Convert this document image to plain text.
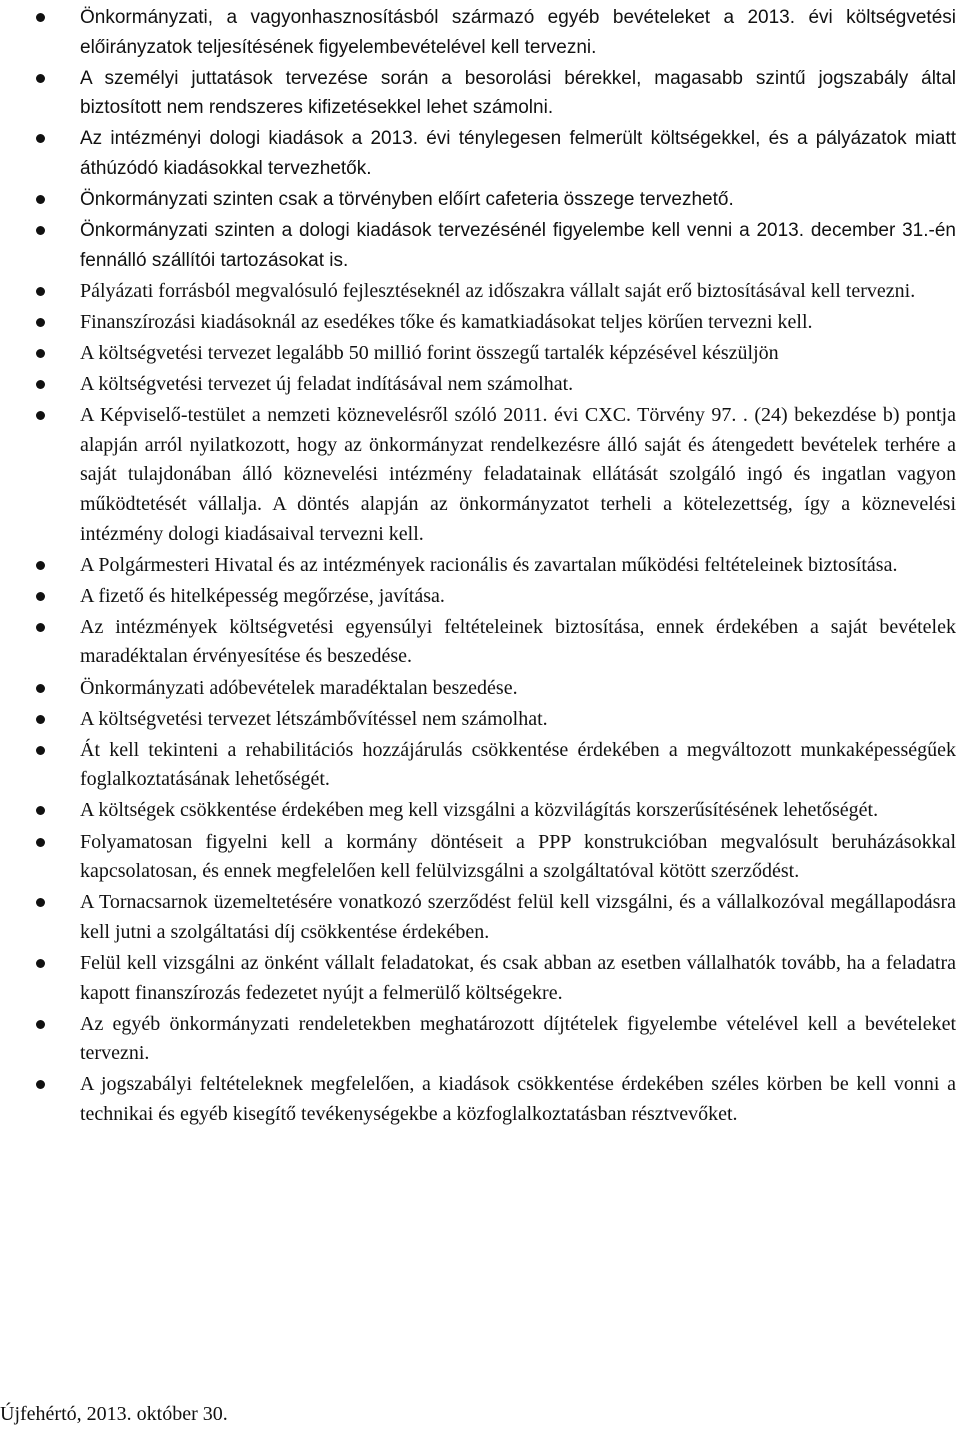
Önkormányzati, a vagyonhasznosításból származó egyéb bevételeket a 2013. évi költségvetési előirányzatok teljesítésének figyelembevételével kell tervezni.
A személyi juttatások tervezése során a besorolási bérekkel, magasabb szintű jogszabály által biztosított nem rendszeres kifizetésekkel lehet számolni.
Az intézményi dologi kiadások a 2013. évi ténylegesen felmerült költségekkel, és a pályázatok miatt áthúzódó kiadásokkal tervezhetők.
Önkormányzati szinten csak a törvényben előírt cafeteria összege tervezhető.
Önkormányzati szinten a dologi kiadások tervezésénél figyelembe kell venni a 2013. december 31.-én fennálló szállítói tartozásokat is.
Pályázati forrásból megvalósuló fejlesztéseknél az időszakra vállalt saját erő biztosításával kell tervezni.
Finanszírozási kiadásoknál az esedékes tőke és kamatkiadásokat teljes körűen tervezni kell.
A költségvetési tervezet legalább 50 millió forint összegű tartalék képzésével készüljön
A költségvetési tervezet új feladat indításával nem számolhat.
A Képviselő-testület a nemzeti köznevelésről szóló 2011. évi CXC. Törvény 97. . (24) bekezdése b) pontja alapján arról nyilatkozott, hogy az önkormányzat rendelkezésre álló saját és átengedett bevételek terhére a saját tulajdonában álló köznevelési intézmény feladatainak ellátását szolgáló ingó és ingatlan vagyon működtetését vállalja. A döntés alapján az önkormányzatot terheli a kötelezettség, így a köznevelési intézmény dologi kiadásaival tervezni kell.
A Polgármesteri Hivatal és az intézmények racionális és zavartalan működési feltételeinek biztosítása.
A fizető és hitelképesség megőrzése, javítása.
Az intézmények költségvetési egyensúlyi feltételeinek biztosítása, ennek érdekében a saját bevételek maradéktalan érvényesítése és beszedése.
Önkormányzati adóbevételek maradéktalan beszedése.
A költségvetési tervezet létszámbővítéssel nem számolhat.
Át kell tekinteni a rehabilitációs hozzájárulás csökkentése érdekében a megváltozott munkaképességűek foglalkoztatásának lehetőségét.
A költségek csökkentése érdekében meg kell vizsgálni a közvilágítás korszerűsítésének lehetőségét.
Folyamatosan figyelni kell a kormány döntéseit a PPP konstrukcióban megvalósult beruházásokkal kapcsolatosan, és ennek megfelelően kell felülvizsgálni a szolgáltatóval kötött szerződést.
A Tornacsarnok üzemeltetésére vonatkozó szerződést felül kell vizsgálni, és a vállalkozóval megállapodásra kell jutni a szolgáltatási díj csökkentése érdekében.
Felül kell vizsgálni az önként vállalt feladatokat, és csak abban az esetben vállalhatók tovább, ha a feladatra kapott finanszírozás fedezetet nyújt a felmerülő költségekre.
Az egyéb önkormányzati rendeletekben meghatározott díjtételek figyelembe vételével kell a bevételeket tervezni.
A jogszabályi feltételeknek megfelelően, a kiadások csökkentése érdekében széles körben be kell vonni a technikai és egyéb kisegítő tevékenységekbe a közfoglalkoztatásban résztvevőket.
Újfehértó, 2013. október 30.
